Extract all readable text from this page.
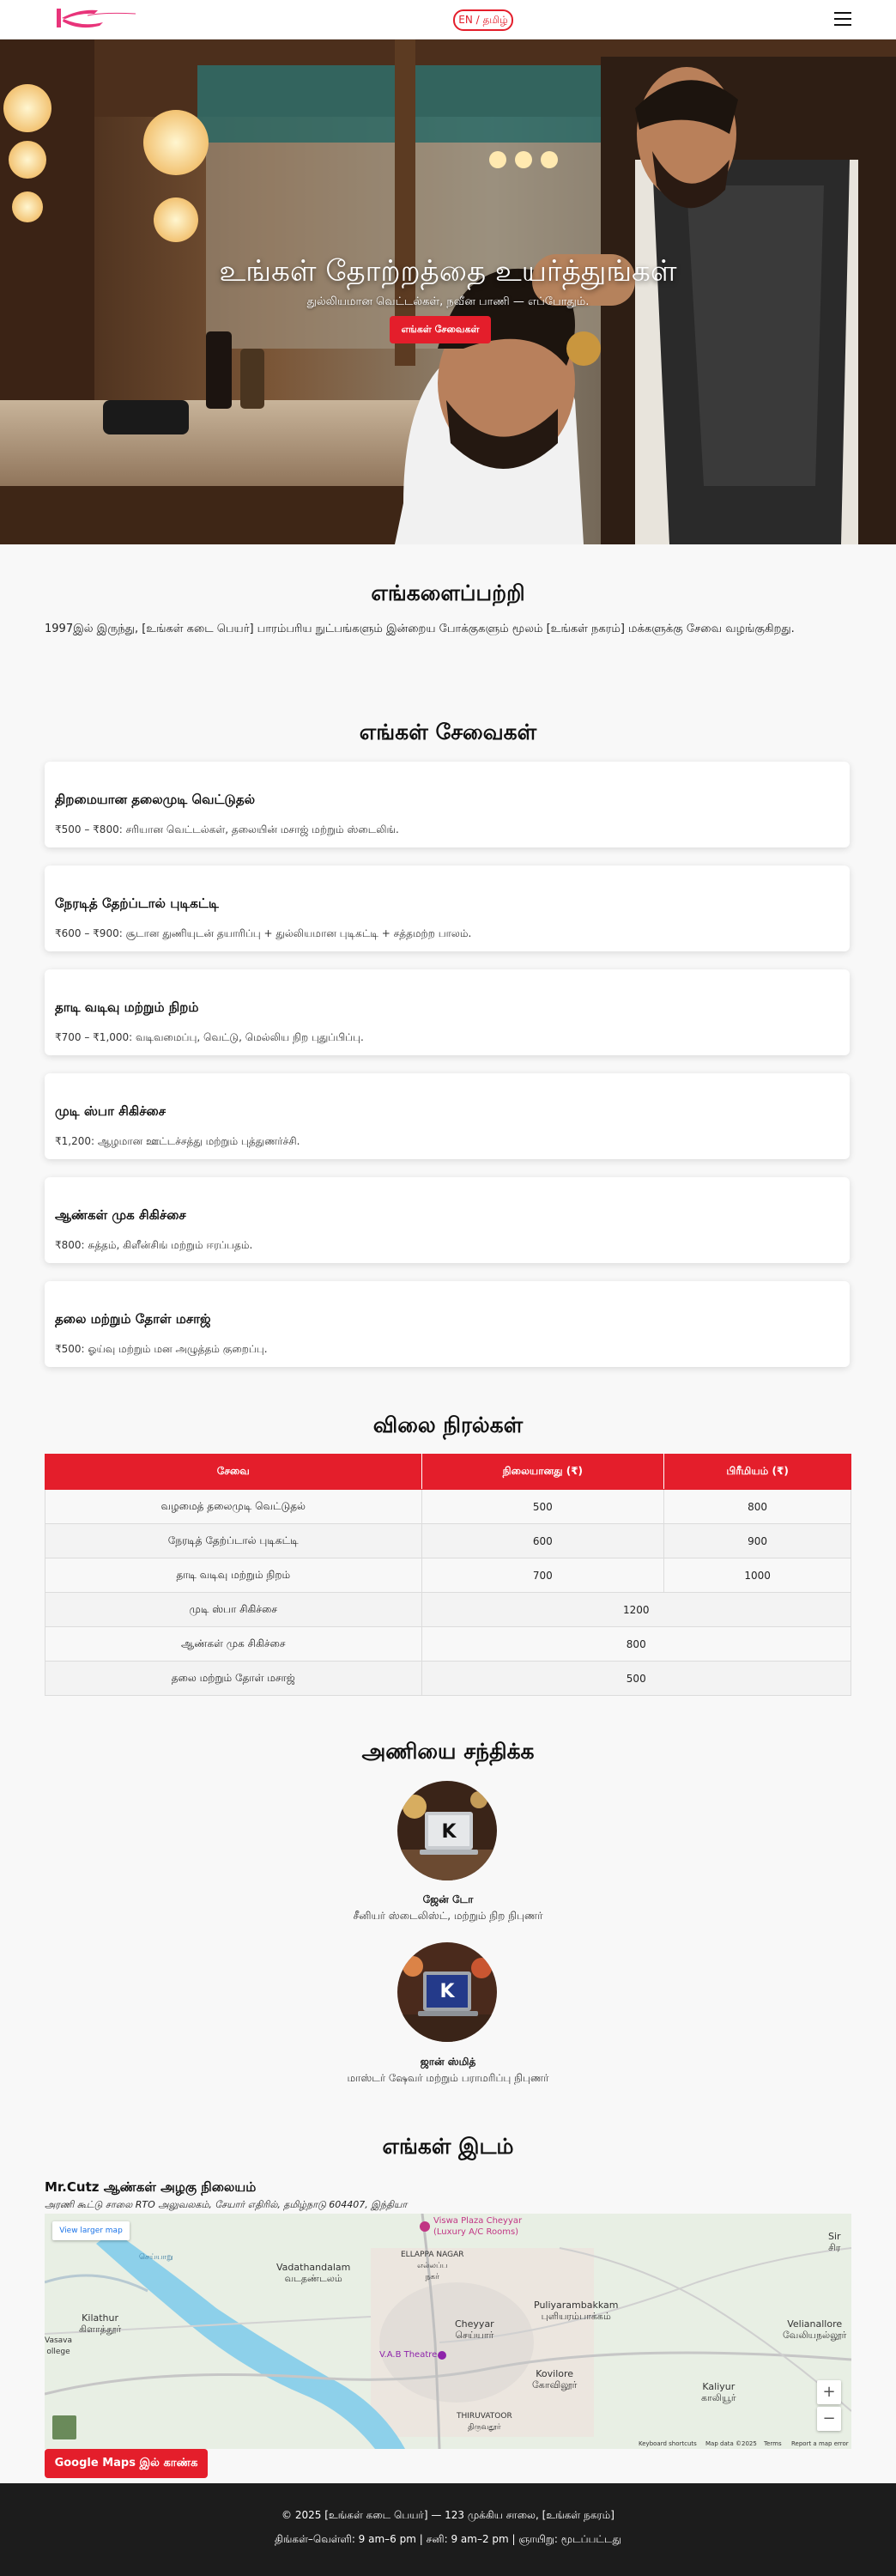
EN / தமிழ்
உங்கள் தோற்றத்தை உயர்த்துங்கள்
துல்லியமான வெட்டல்கள், நவீன பாணி — எப்போதும்.
எங்கள் சேவைகள்
எங்களைப்பற்றி
1997இல் இருந்து, [உங்கள் கடை பெயர்] பாரம்பரிய நுட்பங்களும் இன்றைய போக்குகளும் மூலம் [உங்கள் நகரம்] மக்களுக்கு சேவை வழங்குகிறது.
எங்கள் சேவைகள்
திறமையான தலைமுடி வெட்டுதல்
₹500 – ₹800: சரியான வெட்டல்கள், தலையின் மசாஜ் மற்றும் ஸ்டைலிங்.
நேரடித் தேற்ப்டால் புடிகட்டி
₹600 – ₹900: சூடான துணியுடன் தயாரிப்பு + துல்லியமான புடிகட்டி + சத்தமற்ற பாலம்.
தாடி வடிவு மற்றும் நிறம்
₹700 – ₹1,000: வடிவமைப்பு, வெட்டு, மெல்லிய நிற புதுப்பிப்பு.
முடி ஸ்பா சிகிச்சை
₹1,200: ஆழமான ஊட்டச்சத்து மற்றும் புத்துணர்ச்சி.
ஆண்கள் முக சிகிச்சை
₹800: சுத்தம், கிளீன்சிங் மற்றும் ஈரப்பதம்.
தலை மற்றும் தோள் மசாஜ்
₹500: ஓய்வு மற்றும் மன அழுத்தம் குறைப்பு.
விலை நிரல்கள்
சேவை	நிலையானது (₹)	பிரீமியம் (₹)
வழமைத் தலைமுடி வெட்டுதல்	500	800
நேரடித் தேற்ப்டால் புடிகட்டி	600	900
தாடி வடிவு மற்றும் நிறம்	700	1000
முடி ஸ்பா சிகிச்சை	1200	
ஆண்கள் முக சிகிச்சை	800	
தலை மற்றும் தோள் மசாஜ்	500	
அணியை சந்திக்க
K
ஜேன் டோ
சீனியர் ஸ்டைலிஸ்ட், மற்றும் நிற நிபுணர்
K
ஜான் ஸ்மித்
மாஸ்டர் ஷேவர் மற்றும் பராமரிப்பு நிபுணர்
எங்கள் இடம்
Mr.Cutz ஆண்கள் அழகு நிலையம்
அரணி கூட்டு சாலை RTO அலுவலகம், சேயார் எதிரில், தமிழ்நாடு 604407, இந்தியா
View larger map
Vadathandalam
வடதண்டலம்
ELLAPPA NAGAR
எல்லப்ப
நகர்
Cheyyar
செய்யார்
Puliyarambakkam
புளியரம்பாக்கம்
Velianallore
வேலியநல்லூர்
Kilathur
கிளாத்தூர்
Kovilore
கோவிலூர்	Kaliyur
காலியூர்
THIRUVATOOR
திருவதூர்
Sir
சிர
Vasava
ollege
செய்யாறு
V.A.B Theatre
Viswa Plaza Cheyyar
(Luxury A/C Rooms)
+
−
Keyboard shortcuts Map data ©2025 Terms Report a map error
Google Maps இல் காண்க
© 2025 [உங்கள் கடை பெயர்] — 123 முக்கிய சாலை, [உங்கள் நகரம்]
திங்கள்–வெள்ளி: 9 am–6 pm | சனி: 9 am–2 pm | ஞாயிறு: மூடப்பட்டது
